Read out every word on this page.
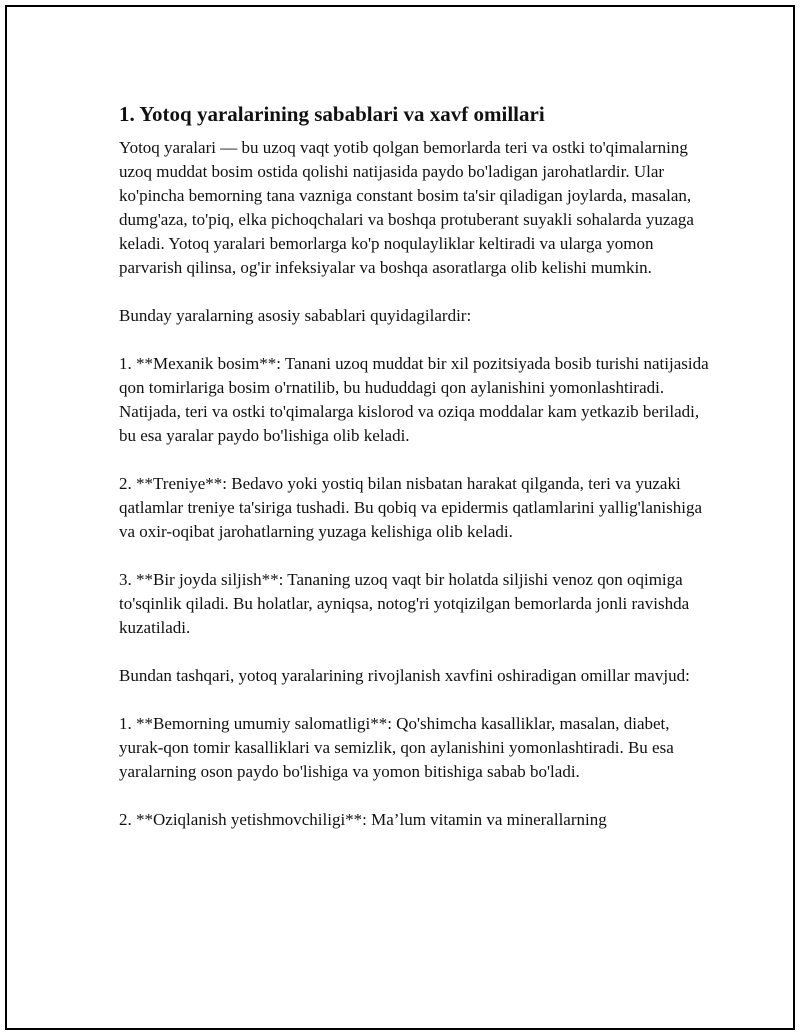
1. Yotoq yaralarining sabablari va xavf omillari

Yotoq yaralari — bu uzoq vaqt yotib qolgan bemorlarda teri va ostki to'qimalarning uzoq muddat bosim ostida qolishi natijasida paydo bo'ladigan jarohatlardir. Ular ko'pincha bemorning tana vazniga constant bosim ta'sir qiladigan joylarda, masalan, dumg'aza, to'piq, elka pichoqchalari va boshqa protuberant suyakli sohalarda yuzaga keladi. Yotoq yaralari bemorlarga ko'p noqulayliklar keltiradi va ularga yomon parvarish qilinsa, og'ir infeksiyalar va boshqa asoratlarga olib kelishi mumkin.

Bunday yaralarning asosiy sabablari quyidagilardir:

1. **Mexanik bosim**: Tanani uzoq muddat bir xil pozitsiyada bosib turishi natijasida qon tomirlariga bosim o'rnatilib, bu hududdagi qon aylanishini yomonlashtiradi. Natijada, teri va ostki to'qimalarga kislorod va oziqa moddalar kam yetkazib beriladi, bu esa yaralar paydo bo'lishiga olib keladi.

2. **Treniye**: Bedavo yoki yostiq bilan nisbatan harakat qilganda, teri va yuzaki qatlamlar treniye ta'siriga tushadi. Bu qobiq va epidermis qatlamlarini yallig'lanishiga va oxir-oqibat jarohatlarning yuzaga kelishiga olib keladi.

3. **Bir joyda siljish**: Tananing uzoq vaqt bir holatda siljishi venoz qon oqimiga to'sqinlik qiladi. Bu holatlar, ayniqsa, notog'ri yotqizilgan bemorlarda jonli ravishda kuzatiladi.

Bundan tashqari, yotoq yaralarining rivojlanish xavfini oshiradigan omillar mavjud:

1. **Bemorning umumiy salomatligi**: Qo'shimcha kasalliklar, masalan, diabet, yurak-qon tomir kasalliklari va semizlik, qon aylanishini yomonlashtiradi. Bu esa yaralarning oson paydo bo'lishiga va yomon bitishiga sabab bo'ladi.

2. **Oziqlanish yetishmovchiligi**: Ma’lum vitamin va minerallarning
